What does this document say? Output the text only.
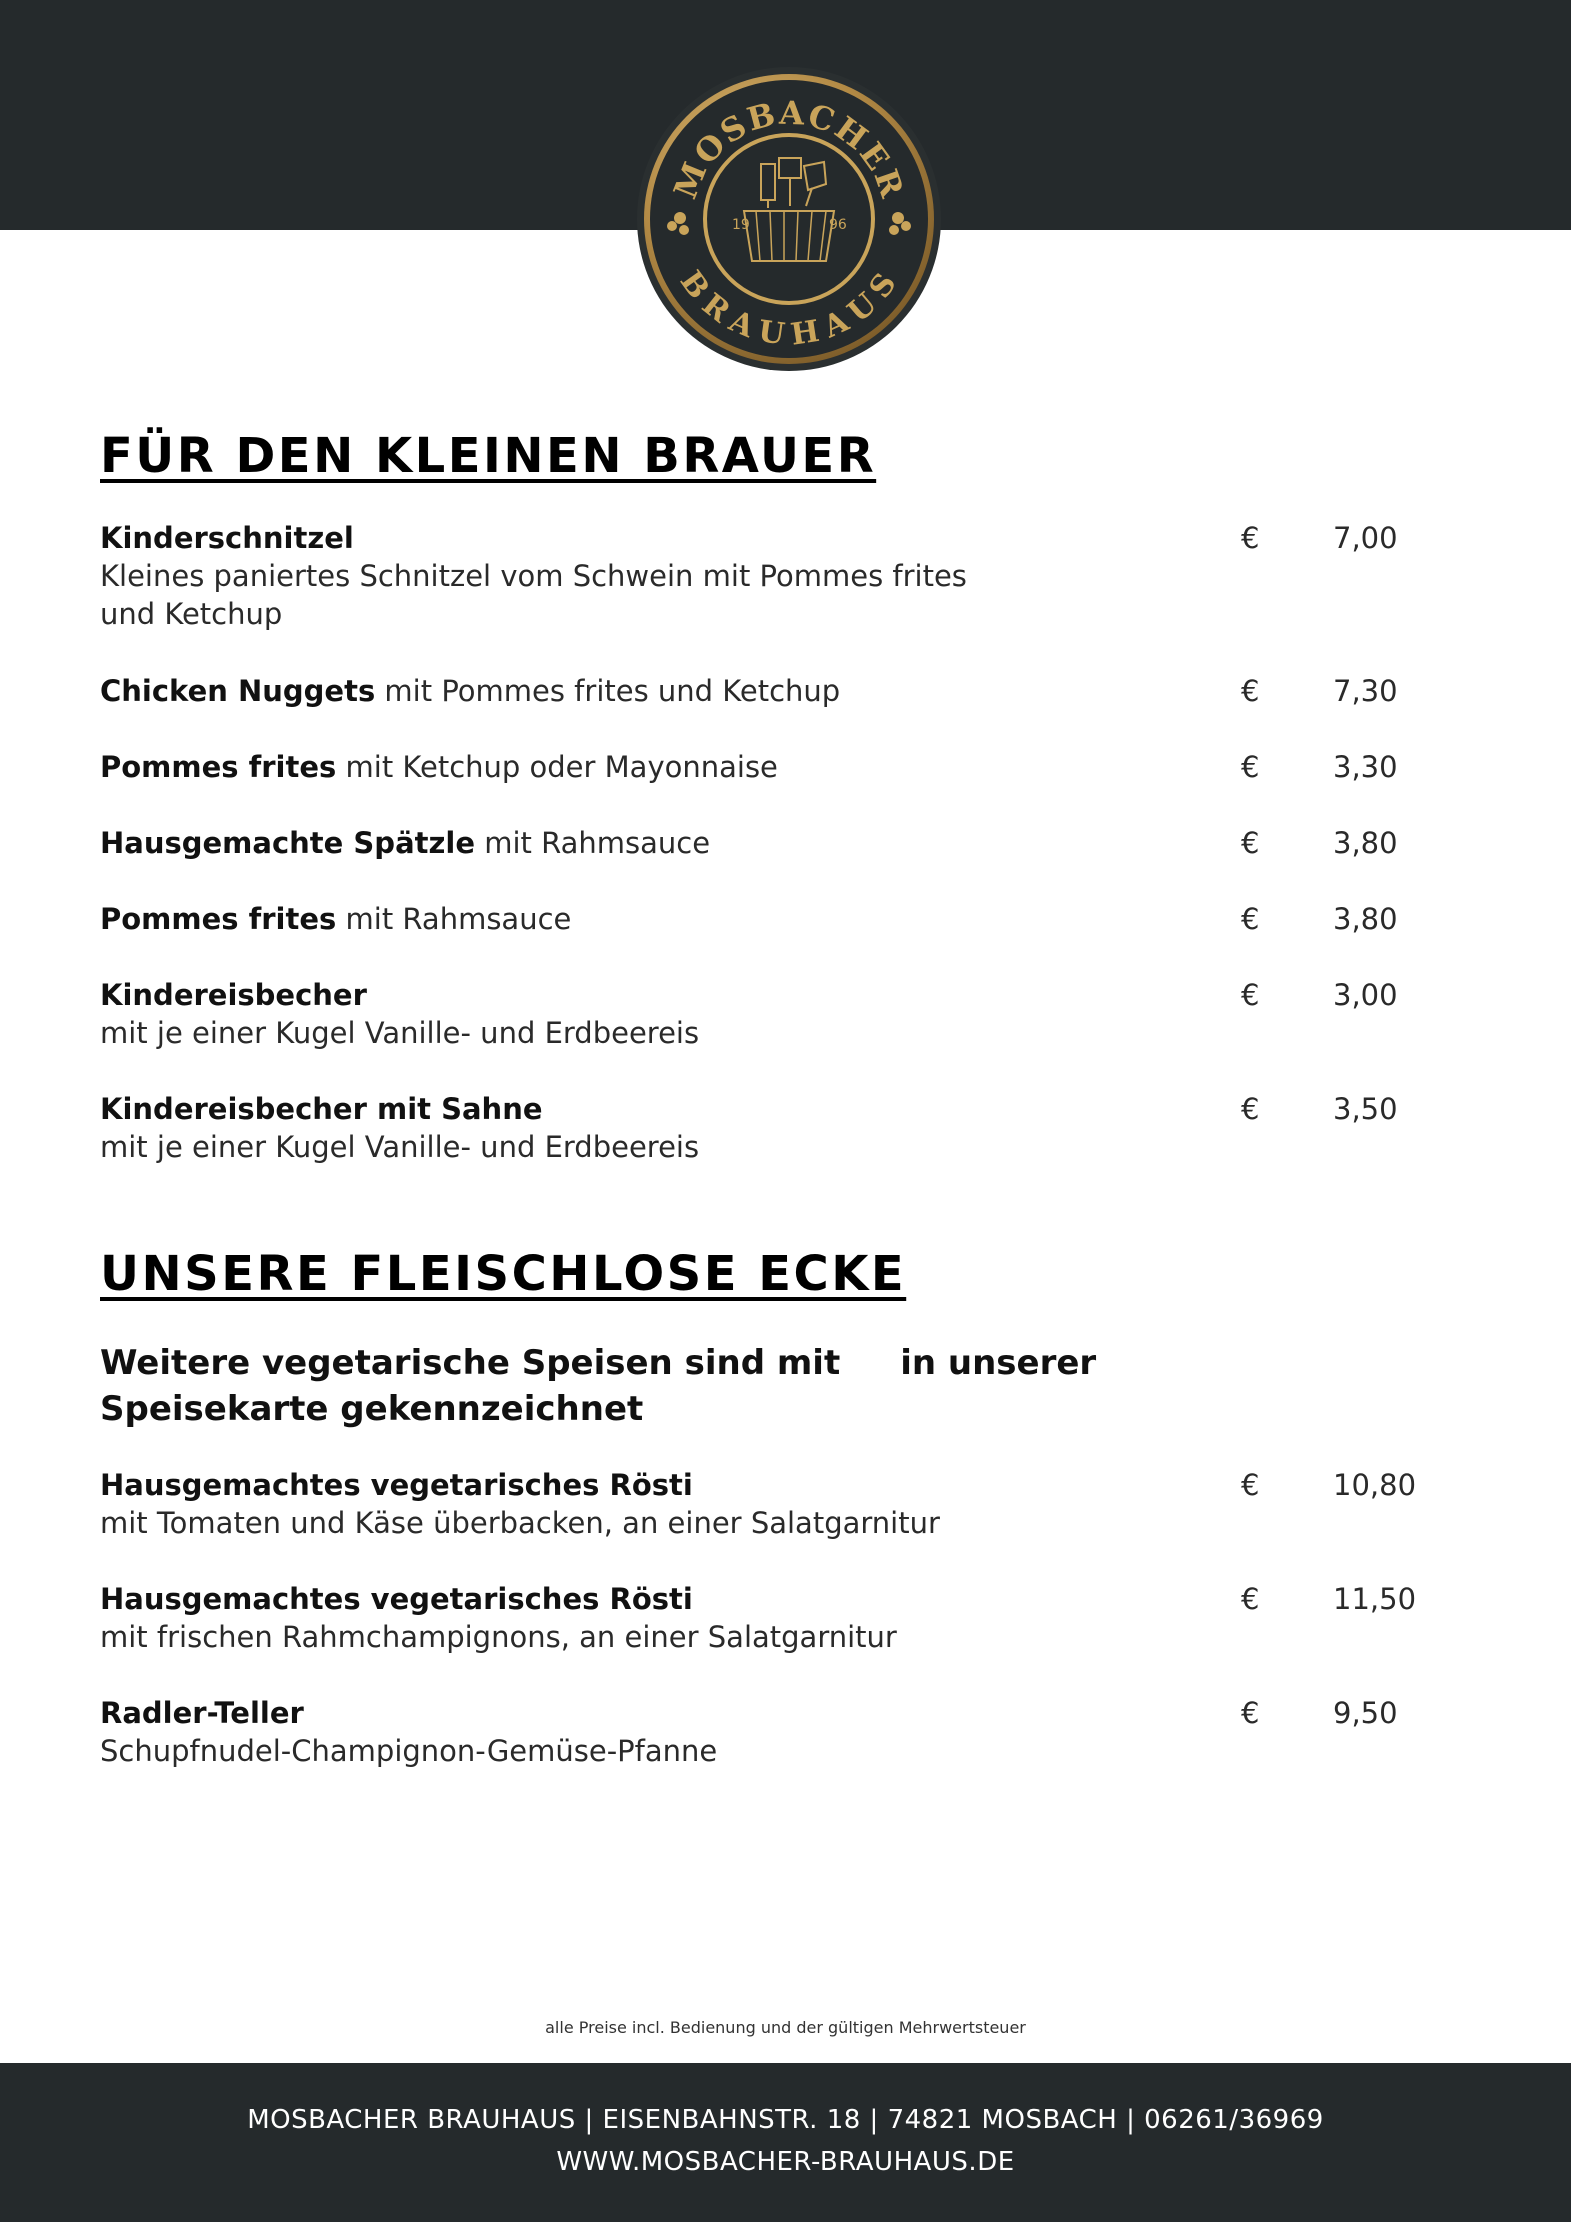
MOSBACHER
BRAUHAUS
19	96
FÜR DEN KLEINEN BRAUER
Kinderschnitzel
Kleines paniertes Schnitzel vom Schwein mit Pommes frites
und Ketchup
€	7,00
Chicken Nuggets mit Pommes frites und Ketchup	€	7,30
Pommes frites mit Ketchup oder Mayonnaise	€	3,30
Hausgemachte Spätzle mit Rahmsauce	€	3,80
Pommes frites mit Rahmsauce	€	3,80
Kindereisbecher
mit je einer Kugel Vanille- und Erdbeereis
€	3,00
Kindereisbecher mit Sahne
mit je einer Kugel Vanille- und Erdbeereis
€	3,50
UNSERE FLEISCHLOSE ECKE

Weitere vegetarische Speisen sind mit in unserer Speisekarte gekennzeichnet

Hausgemachtes vegetarisches Rösti
mit Tomaten und Käse überbacken, an einer Salatgarnitur
€	10,80
Hausgemachtes vegetarisches Rösti
mit frischen Rahmchampignons, an einer Salatgarnitur
€	11,50
Radler-Teller
Schupfnudel-Champignon-Gemüse-Pfanne
€	9,50
alle Preise incl. Bedienung und der gültigen Mehrwertsteuer
MOSBACHER BRAUHAUS | EISENBAHNSTR. 18 | 74821 MOSBACH | 06261/36969
WWW.MOSBACHER-BRAUHAUS.DE
